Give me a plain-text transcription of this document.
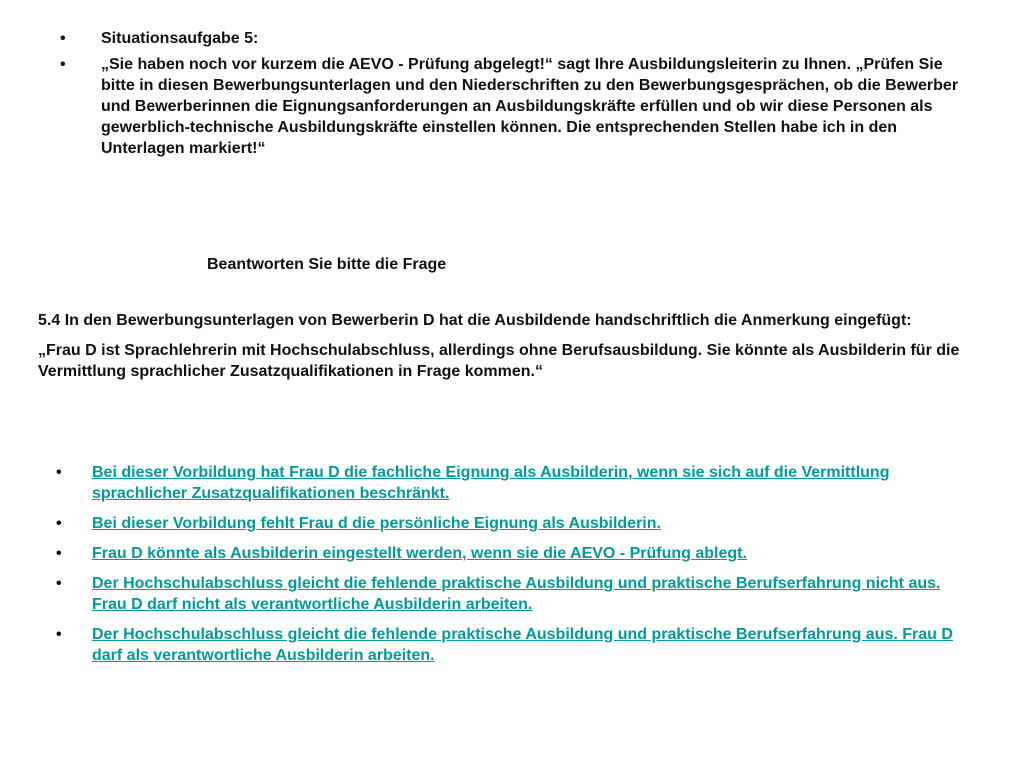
•	Situationsaufgabe 5:
•	„Sie haben noch vor kurzem die AEVO - Prüfung abgelegt!“ sagt Ihre Ausbildungsleiterin zu Ihnen. „Prüfen Sie bitte in diesen Bewerbungsunterlagen und den Niederschriften zu den Bewerbungsgesprächen, ob die Bewerber und Bewerberinnen die Eignungsanforderungen an Ausbildungskräfte erfüllen und ob wir diese Personen als gewerblich-technische Ausbildungskräfte einstellen können. Die entsprechenden Stellen habe ich in den Unterlagen markiert!“
Beantworten Sie bitte die Frage

5.4 In den Bewerbungsunterlagen von Bewerberin D hat die Ausbildende handschriftlich die Anmerkung eingefügt:

„Frau D ist Sprachlehrerin mit Hochschulabschluss, allerdings ohne Berufsausbildung. Sie könnte als Ausbilderin für die Vermittlung sprachlicher Zusatzqualifikationen in Frage kommen.“

•	Bei dieser Vorbildung hat Frau D die fachliche Eignung als Ausbilderin, wenn sie sich auf die Vermittlung sprachlicher Zusatzqualifikationen beschränkt.
•	Bei dieser Vorbildung fehlt Frau d die persönliche Eignung als Ausbilderin.
•	Frau D könnte als Ausbilderin eingestellt werden, wenn sie die AEVO - Prüfung ablegt.
•	Der Hochschulabschluss gleicht die fehlende praktische Ausbildung und praktische Berufserfahrung nicht aus. Frau D darf nicht als verantwortliche Ausbilderin arbeiten.
•	Der Hochschulabschluss gleicht die fehlende praktische Ausbildung und praktische Berufserfahrung aus. Frau D darf als verantwortliche Ausbilderin arbeiten.
